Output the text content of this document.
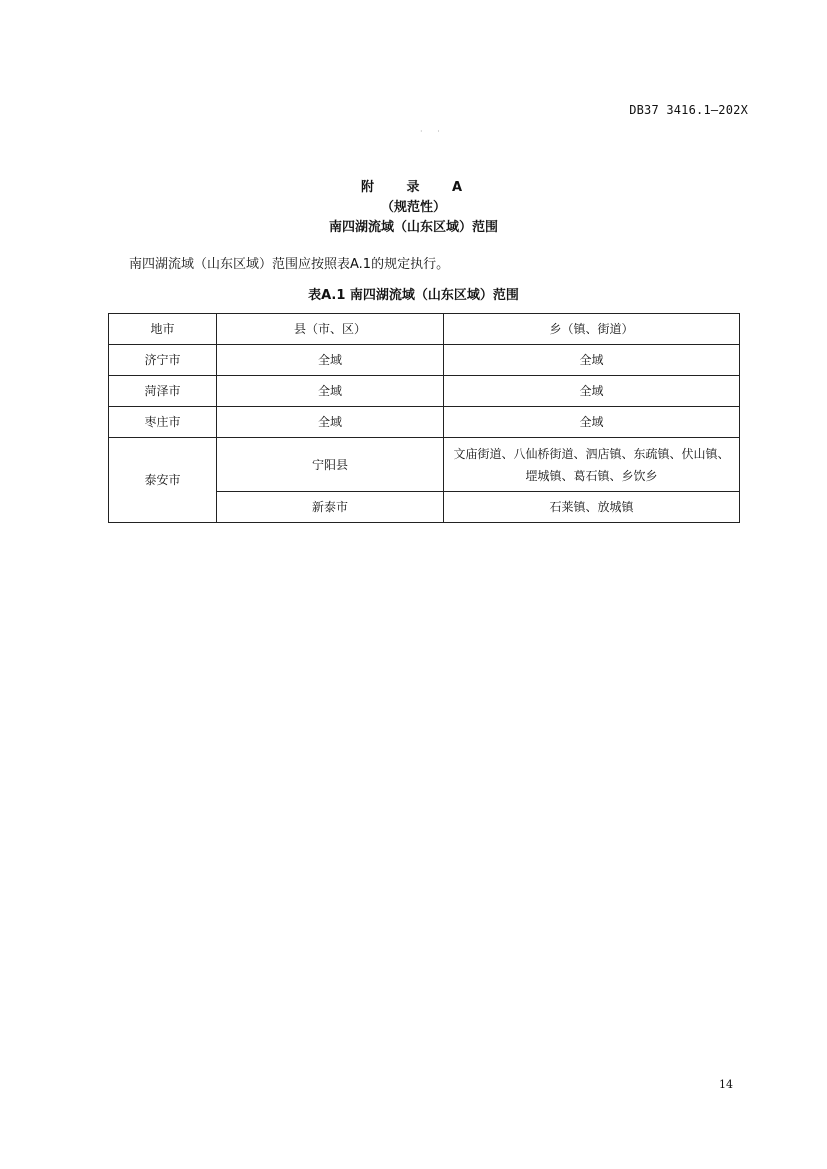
DB37 3416.1—202X
· ·
附 录 A
（规范性）
南四湖流域（山东区域）范围
南四湖流域（山东区域）范围应按照表A.1的规定执行。
表A.1 南四湖流域（山东区域）范围
地市	县（市、区）	乡（镇、街道）
济宁市	全域	全域
菏泽市	全域	全域
枣庄市	全域	全域
泰安市	宁阳县	文庙街道、八仙桥街道、泗店镇、东疏镇、伏山镇、堽城镇、葛石镇、乡饮乡
	新泰市	石莱镇、放城镇
14
